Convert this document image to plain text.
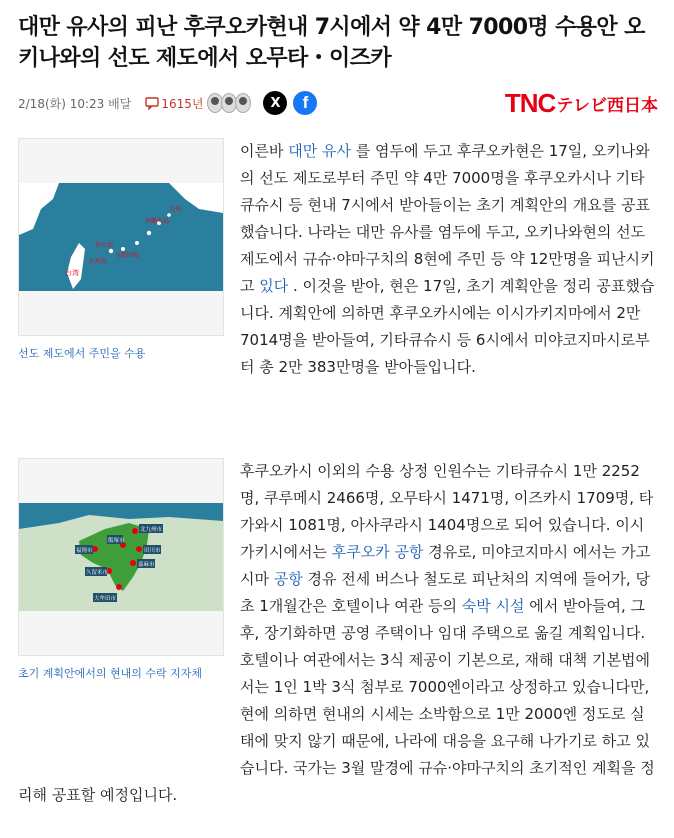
대만 유사의 피난 후쿠오카현내 7시에서 약 4만 7000명 수용안 오키나와의 선도 제도에서 오무타・이즈카
2/18(화) 10:23 배달	1615년	X f	TNC テレビ西日本
台湾
石垣島
宮古島
与那国島
沖縄本島
九州
선도 제도에서 주민을 수용

이른바 대만 유사 를 염두에 두고 후쿠오카현은 17일, 오키나와의 선도 제도로부터 주민 약 4만 7000명을 후쿠오카시나 기타큐슈시 등 현내 7시에서 받아들이는 초기 계획안의 개요를 공표했습니다. 나라는 대만 유사를 염두에 두고, 오키나와현의 선도 제도에서 규슈·야마구치의 8현에 주민 등 약 12만명을 피난시키고 있다 . 이것을 받아, 현은 17일, 초기 계획안을 정리 공표했습니다. 계획안에 의하면 후쿠오카시에는 이시가키지마에서 2만 7014명을 받아들여, 기타큐슈시 등 6시에서 미야코지마시로부터 총 2만 383만명을 받아들입니다.

北九州市
飯塚市
田川市
福岡市
久留米市
大牟田市
嘉麻市
초기 계획안에서의 현내의 수락 지자체

후쿠오카시 이외의 수용 상정 인원수는 기타큐슈시 1만 2252명, 쿠루메시 2466명, 오무타시 1471명, 이즈카시 1709명, 타가와시 1081명, 아사쿠라시 1404명으로 되어 있습니다. 이시가키시에서는 후쿠오카 공항 경유로, 미야코지마시 에서는 가고시마 공항 경유 전세 버스나 철도로 피난처의 지역에 들어가, 당초 1개월간은 호텔이나 여관 등의 숙박 시설 에서 받아들여, 그 후, 장기화하면 공영 주택이나 임대 주택으로 옮길 계획입니다. 호텔이나 여관에서는 3식 제공이 기본으로, 재해 대책 기본법에서는 1인 1박 3식 첨부로 7000엔이라고 상정하고 있습니다만, 현에 의하면 현내의 시세는 소박함으로 1만 2000엔 정도로 실태에 맞지 않기 때문에, 나라에 대응을 요구해 나가기로 하고 있습니다. 국가는 3월 말경에 규슈·야마구치의 초기적인 계획을 정리해 공표할 예정입니다.
